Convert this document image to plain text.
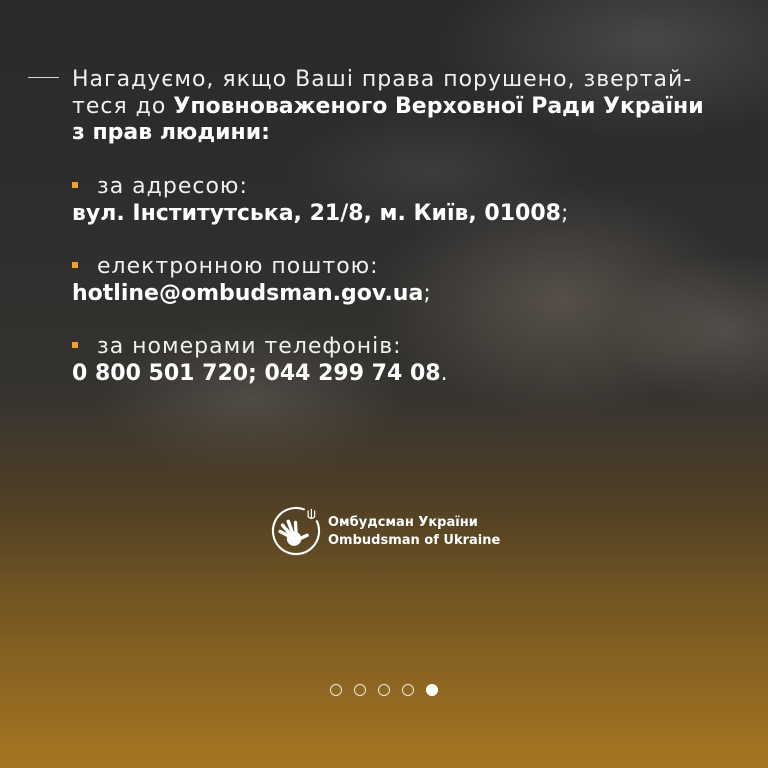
Нагадуємо, якщо Ваші права порушено, звертай-
теся до Уповноваженого Верховної Ради України
з прав людини:
за адресою:
вул. Інститутська, 21/8, м. Київ, 01008;
електронною поштою:
hotline@ombudsman.gov.ua;
за номерами телефонів:
0 800 501 720; 044 299 74 08.
Омбудсман України
Ombudsman of Ukraine
